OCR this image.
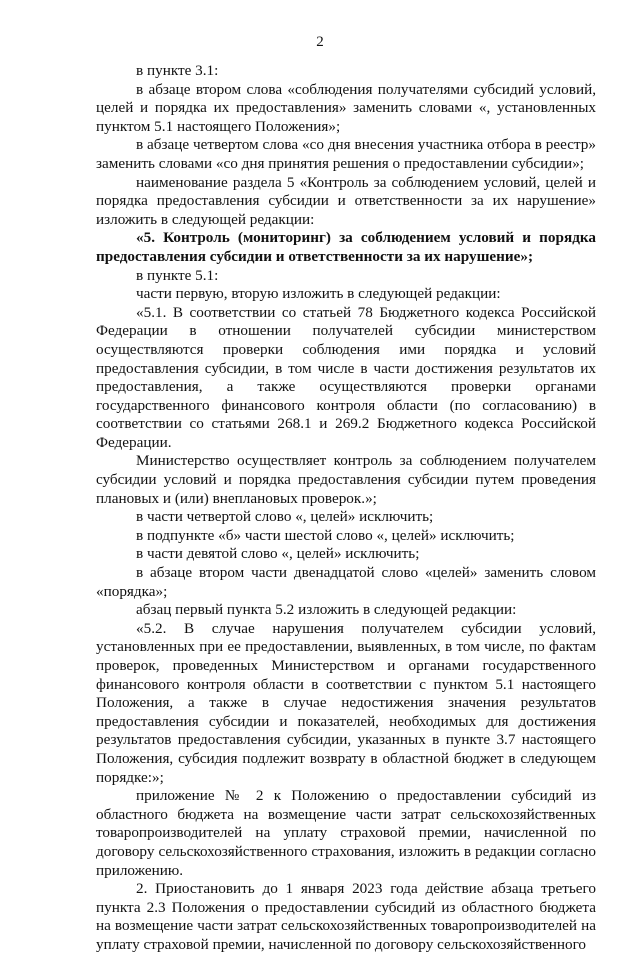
2

в пункте 3.1:

в абзаце втором слова «соблюдения получателями субсидий условий, целей и порядка их предоставления» заменить словами «, установленных пунктом 5.1 настоящего Положения»;

в абзаце четвертом слова «со дня внесения участника отбора в реестр» заменить словами «со дня принятия решения о предоставлении субсидии»;

наименование раздела 5 «Контроль за соблюдением условий, целей и порядка предоставления субсидии и ответственности за их нарушение» изложить в следующей редакции:

«5. Контроль (мониторинг) за соблюдением условий и порядка предоставления субсидии и ответственности за их нарушение»;

в пункте 5.1:

части первую, вторую изложить в следующей редакции:

«5.1. В соответствии со статьей 78 Бюджетного кодекса Российской Федерации в отношении получателей субсидии министерством осуществляются проверки соблюдения ими порядка и условий предоставления субсидии, в том числе в части достижения результатов их предоставления, а также осуществляются проверки органами государственного финансового контроля области (по согласованию) в соответствии со статьями 268.1 и 269.2 Бюджетного кодекса Российской Федерации.

Министерство осуществляет контроль за соблюдением получателем субсидии условий и порядка предоставления субсидии путем проведения плановых и (или) внеплановых проверок.»;

в части четвертой слово «, целей» исключить;

в подпункте «б» части шестой слово «, целей» исключить;

в части девятой слово «, целей» исключить;

в абзаце втором части двенадцатой слово «целей» заменить словом «порядка»;

абзац первый пункта 5.2 изложить в следующей редакции:

«5.2. В случае нарушения получателем субсидии условий, установленных при ее предоставлении, выявленных, в том числе, по фактам проверок, проведенных Министерством и органами государственного финансового контроля области в соответствии с пунктом 5.1 настоящего Положения, а также в случае недостижения значения результатов предоставления субсидии и показателей, необходимых для достижения результатов предоставления субсидии, указанных в пункте 3.7 настоящего Положения, субсидия подлежит возврату в областной бюджет в следующем порядке:»;

приложение № 2 к Положению о предоставлении субсидий из областного бюджета на возмещение части затрат сельскохозяйственных товаропроизводителей на уплату страховой премии, начисленной по договору сельскохозяйственного страхования, изложить в редакции согласно приложению.

2. Приостановить до 1 января 2023 года действие абзаца третьего пункта 2.3 Положения о предоставлении субсидий из областного бюджета на возмещение части затрат сельскохозяйственных товаропроизводителей на уплату страховой премии, начисленной по договору сельскохозяйственного
